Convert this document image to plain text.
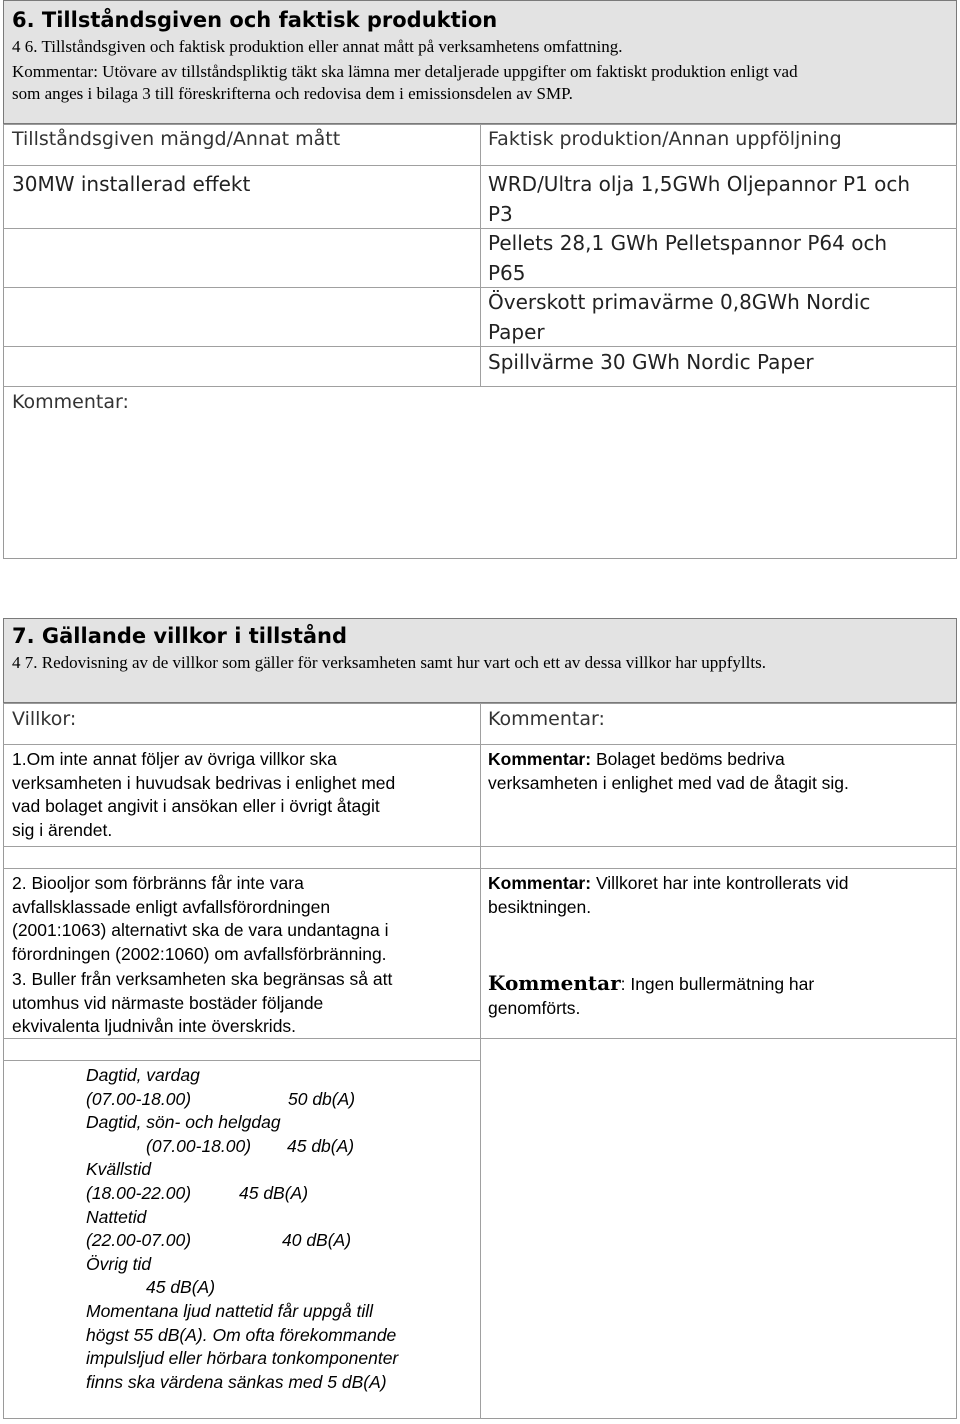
6. Tillståndsgiven och faktisk produktion
4 6. Tillståndsgiven och faktisk produktion eller annat mått på verksamhetens omfattning.
Kommentar: Utövare av tillståndspliktig täkt ska lämna mer detaljerade uppgifter om faktiskt produktion enligt vad
som anges i bilaga 3 till föreskrifterna och redovisa dem i emissionsdelen av SMP.
Tillståndsgiven mängd/Annat mått	Faktisk produktion/Annan uppföljning
30MW installerad effekt	WRD/Ultra olja 1,5GWh Oljepannor P1 och
P3
Pellets 28,1 GWh Pelletspannor P64 och
P65
Överskott primavärme 0,8GWh Nordic
Paper
Spillvärme 30 GWh Nordic Paper
Kommentar:
7. Gällande villkor i tillstånd
4 7. Redovisning av de villkor som gäller för verksamheten samt hur vart och ett av dessa villkor har uppfyllts.
Villkor:	Kommentar:
1.Om inte annat följer av övriga villkor ska
verksamheten i huvudsak bedrivas i enlighet med
vad bolaget angivit i ansökan eller i övrigt åtagit
sig i ärendet.
Kommentar: Bolaget bedöms bedriva
verksamheten i enlighet med vad de åtagit sig.
2. Biooljor som förbränns får inte vara
avfallsklassade enligt avfallsförordningen
(2001:1063) alternativt ska de vara undantagna i
förordningen (2002:1060) om avfallsförbränning.
3. Buller från verksamheten ska begränsas så att
utomhus vid närmaste bostäder följande
ekvivalenta ljudnivån inte överskrids.
Kommentar: Villkoret har inte kontrollerats vid
besiktningen.
Kommentar: Ingen bullermätning har
genomförts.
Dagtid, vardag
(07.00-18.00)	50 db(A)
Dagtid, sön- och helgdag
(07.00-18.00) 45 db(A)
Kvällstid
(18.00-22.00)	45 dB(A)
Nattetid
(22.00-07.00)	40 dB(A)
Övrig tid
45 dB(A)
Momentana ljud nattetid får uppgå till
högst 55 dB(A). Om ofta förekommande
impulsljud eller hörbara tonkomponenter
finns ska värdena sänkas med 5 dB(A)
